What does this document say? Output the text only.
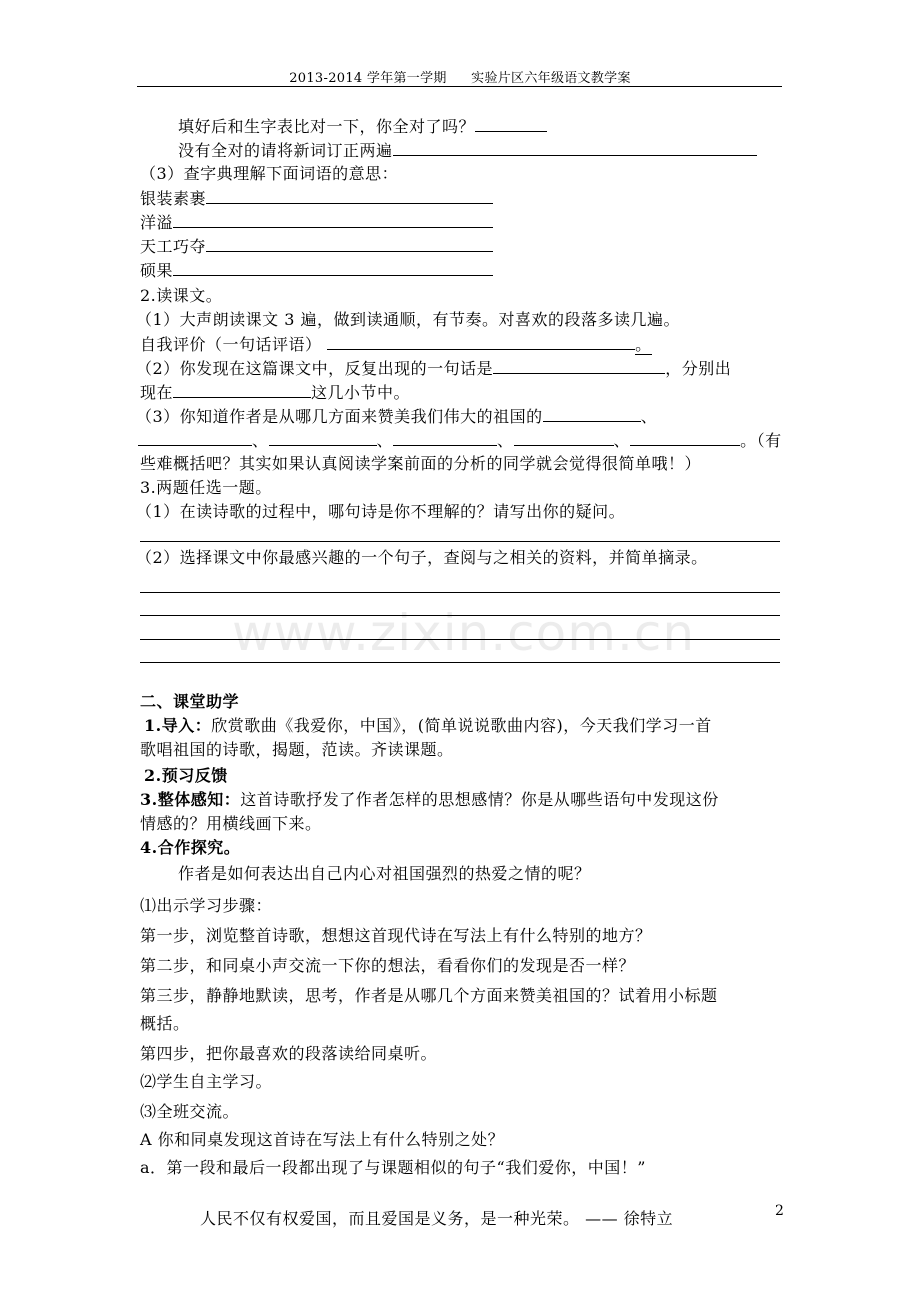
2013-2014 学年第一学期 实验片区六年级语文教学案
www.zixin.com.cn
填好后和生字表比对一下，你全对了吗？
没有全对的请将新词订正两遍
（3）查字典理解下面词语的意思：
银装素裹
洋溢
天工巧夺
硕果
2.读课文。
（1）大声朗读课文 3 遍，做到读通顺，有节奏。对喜欢的段落多读几遍。
自我评价（一句话评语）	。
（2）你发现在这篇课文中，反复出现的一句话是	，分别出
现在	这几小节中。
（3）你知道作者是从哪几方面来赞美我们伟大的祖国的	、
、	、	、	、	。（有
些难概括吧？其实如果认真阅读学案前面的分析的同学就会觉得很简单哦！）
3.两题任选一题。
（1）在读诗歌的过程中，哪句诗是你不理解的？请写出你的疑问。
（2）选择课文中你最感兴趣的一个句子，查阅与之相关的资料，并简单摘录。
二、课堂助学
1.导入：欣赏歌曲《我爱你，中国》，(简单说说歌曲内容)，今天我们学习一首
歌唱祖国的诗歌，揭题，范读。齐读课题。
2.预习反馈
3.整体感知：这首诗歌抒发了作者怎样的思想感情？你是从哪些语句中发现这份
情感的？用横线画下来。
4.合作探究。
作者是如何表达出自己内心对祖国强烈的热爱之情的呢？
⑴出示学习步骤：
第一步，浏览整首诗歌，想想这首现代诗在写法上有什么特别的地方？
第二步，和同桌小声交流一下你的想法，看看你们的发现是否一样？
第三步，静静地默读，思考，作者是从哪几个方面来赞美祖国的？试着用小标题
概括。
第四步，把你最喜欢的段落读给同桌听。
⑵学生自主学习。
⑶全班交流。
A 你和同桌发现这首诗在写法上有什么特别之处？
a．第一段和最后一段都出现了与课题相似的句子“我们爱你，中国！”
人民不仅有权爱国，而且爱国是义务，是一种光荣。 —— 徐特立	2
